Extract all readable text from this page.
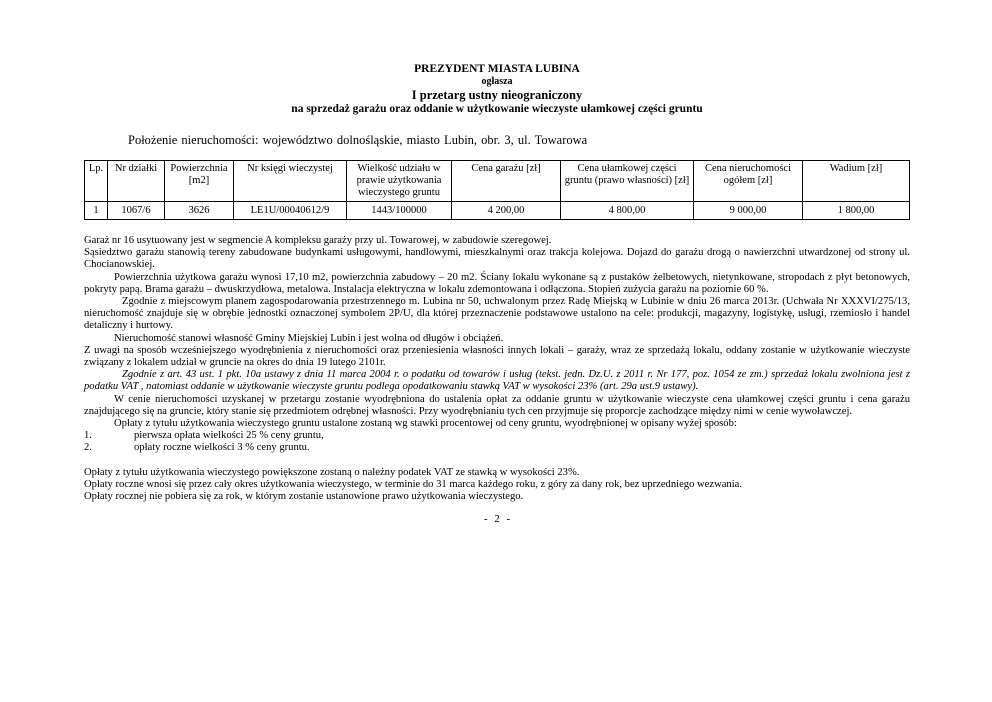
PREZYDENT MIASTA LUBINA
ogłasza
I przetarg ustny nieograniczony
na sprzedaż garażu oraz oddanie w użytkowanie wieczyste ułamkowej części gruntu
Położenie nieruchomości: województwo dolnośląskie, miasto Lubin, obr. 3, ul. Towarowa
Lp.	Nr działki	Powierzchnia [m2]	Nr księgi wieczystej	Wielkość udziału w prawie użytkowania wieczystego gruntu	Cena garażu [zł]	Cena ułamkowej części gruntu (prawo własności) [zł]	Cena nieruchomości ogółem [zł]	Wadium [zł]
1	1067/6	3626	LE1U/00040612/9	1443/100000	4 200,00	4 800,00	9 000,00	1 800,00

Garaż nr 16 usytuowany jest w segmencie A kompleksu garaży przy ul. Towarowej, w zabudowie szeregowej.

Sąsiedztwo garażu stanowią tereny zabudowane budynkami usługowymi, handlowymi, mieszkalnymi oraz trakcja kolejowa. Dojazd do garażu drogą o nawierzchni utwardzonej od strony ul. Chocianowskiej.

Powierzchnia użytkowa garażu wynosi 17,10 m2, powierzchnia zabudowy – 20 m2. Ściany lokalu wykonane są z pustaków żelbetowych, nietynkowane, stropodach z płyt betonowych, pokryty papą. Brama garażu – dwuskrzydłowa, metalowa. Instalacja elektryczna w lokalu zdemontowana i odłączona. Stopień zużycia garażu na poziomie 60 %.

Zgodnie z miejscowym planem zagospodarowania przestrzennego m. Lubina nr 50, uchwalonym przez Radę Miejską w Lubinie w dniu 26 marca 2013r. (Uchwała Nr XXXVI/275/13, nieruchomość znajduje się w obrębie jednostki oznaczonej symbolem 2P/U, dla której przeznaczenie podstawowe ustalono na cele: produkcji, magazyny, logistykę, usługi, rzemiosło i handel detaliczny i hurtowy.

Nieruchomość stanowi własność Gminy Miejskiej Lubin i jest wolna od długów i obciążeń.

Z uwagi na sposób wcześniejszego wyodrębnienia z nieruchomości oraz przeniesienia własności innych lokali – garaży, wraz ze sprzedażą lokalu, oddany zostanie w użytkowanie wieczyste związany z lokalem udział w gruncie na okres do dnia 19 lutego 2101r.

Zgodnie z art. 43 ust. 1 pkt. 10a ustawy z dnia 11 marca 2004 r. o podatku od towarów i usług (tekst. jedn. Dz.U. z 2011 r. Nr 177, poz. 1054 ze zm.) sprzedaż lokalu zwolniona jest z podatku VAT , natomiast oddanie w użytkowanie wieczyste gruntu podlega opodatkowaniu stawką VAT w wysokości 23% (art. 29a ust.9 ustawy).

W cenie nieruchomości uzyskanej w przetargu zostanie wyodrębniona do ustalenia opłat za oddanie gruntu w użytkowanie wieczyste cena ułamkowej części gruntu i cena garażu znajdującego się na gruncie, który stanie się przedmiotem odrębnej własności. Przy wyodrębnianiu tych cen przyjmuje się proporcje zachodzące między nimi w cenie wywoławczej.

Opłaty z tytułu użytkowania wieczystego gruntu ustalone zostaną wg stawki procentowej od ceny gruntu, wyodrębnionej w opisany wyżej sposób:

1.	pierwsza opłata wielkości 25 % ceny gruntu,
2.	opłaty roczne wielkości 3 % ceny gruntu.

Opłaty z tytułu użytkowania wieczystego powiększone zostaną o należny podatek VAT ze stawką w wysokości 23%.

Opłaty roczne wnosi się przez cały okres użytkowania wieczystego, w terminie do 31 marca każdego roku, z góry za dany rok, bez uprzedniego wezwania.

Opłaty rocznej nie pobiera się za rok, w którym zostanie ustanowione prawo użytkowania wieczystego.

- 2 -
